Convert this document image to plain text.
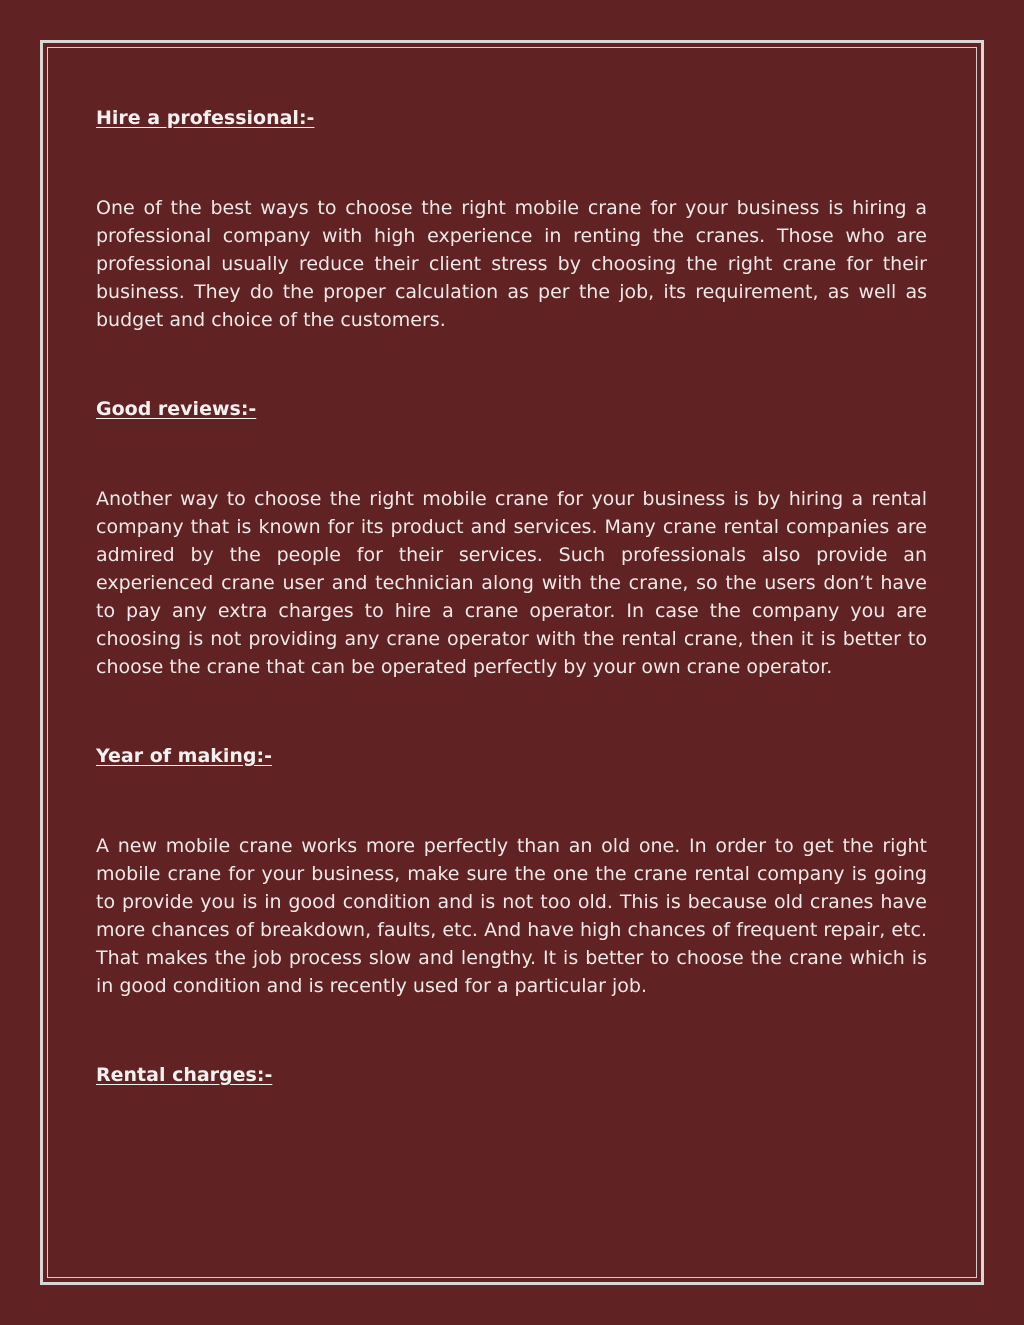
Hire a professional:-

One of the best ways to choose the right mobile crane for your business is hiring a professional company with high experience in renting the cranes. Those who are professional usually reduce their client stress by choosing the right crane for their business. They do the proper calculation as per the job, its requirement, as well as budget and choice of the customers.

Good reviews:-

Another way to choose the right mobile crane for your business is by hiring a rental company that is known for its product and services. Many crane rental companies are admired by the people for their services. Such professionals also provide an experienced crane user and technician along with the crane, so the users don’t have to pay any extra charges to hire a crane operator. In case the company you are choosing is not providing any crane operator with the rental crane, then it is better to choose the crane that can be operated perfectly by your own crane operator.

Year of making:-

A new mobile crane works more perfectly than an old one. In order to get the right mobile crane for your business, make sure the one the crane rental company is going to provide you is in good condition and is not too old. This is because old cranes have more chances of breakdown, faults, etc. And have high chances of frequent repair, etc. That makes the job process slow and lengthy. It is better to choose the crane which is in good condition and is recently used for a particular job.

Rental charges:-
